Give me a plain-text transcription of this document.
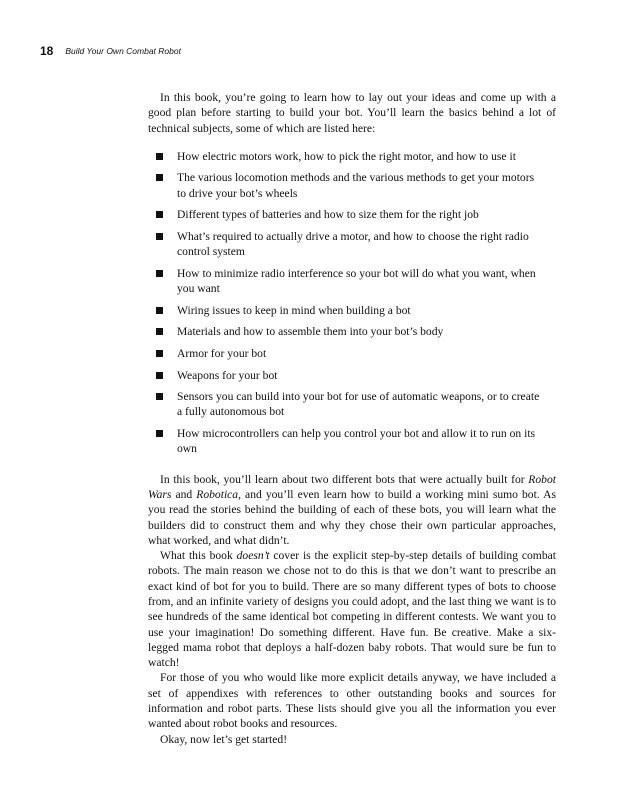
18 Build Your Own Combat Robot

In this book, you’re going to learn how to lay out your ideas and come up with a good plan before starting to build your bot. You’ll learn the basics behind a lot of technical subjects, some of which are listed here:

How electric motors work, how to pick the right motor, and how to use it
The various locomotion methods and the various methods to get your motors to drive your bot’s wheels
Different types of batteries and how to size them for the right job
What’s required to actually drive a motor, and how to choose the right radio control system
How to minimize radio interference so your bot will do what you want, when you want
Wiring issues to keep in mind when building a bot
Materials and how to assemble them into your bot’s body
Armor for your bot
Weapons for your bot
Sensors you can build into your bot for use of automatic weapons, or to create a fully autonomous bot
How microcontrollers can help you control your bot and allow it to run on its own

In this book, you’ll learn about two different bots that were actually built for Robot Wars and Robotica, and you’ll even learn how to build a working mini sumo bot. As you read the stories behind the building of each of these bots, you will learn what the builders did to construct them and why they chose their own particular approaches, what worked, and what didn’t.

What this book doesn’t cover is the explicit step-by-step details of building combat robots. The main reason we chose not to do this is that we don’t want to prescribe an exact kind of bot for you to build. There are so many different types of bots to choose from, and an infinite variety of designs you could adopt, and the last thing we want is to see hundreds of the same identical bot competing in different contests. We want you to use your imagination! Do something different. Have fun. Be creative. Make a six-legged mama robot that deploys a half-dozen baby robots. That would sure be fun to watch!

For those of you who would like more explicit details anyway, we have included a set of appendixes with references to other outstanding books and sources for information and robot parts. These lists should give you all the information you ever wanted about robot books and resources.

Okay, now let’s get started!
